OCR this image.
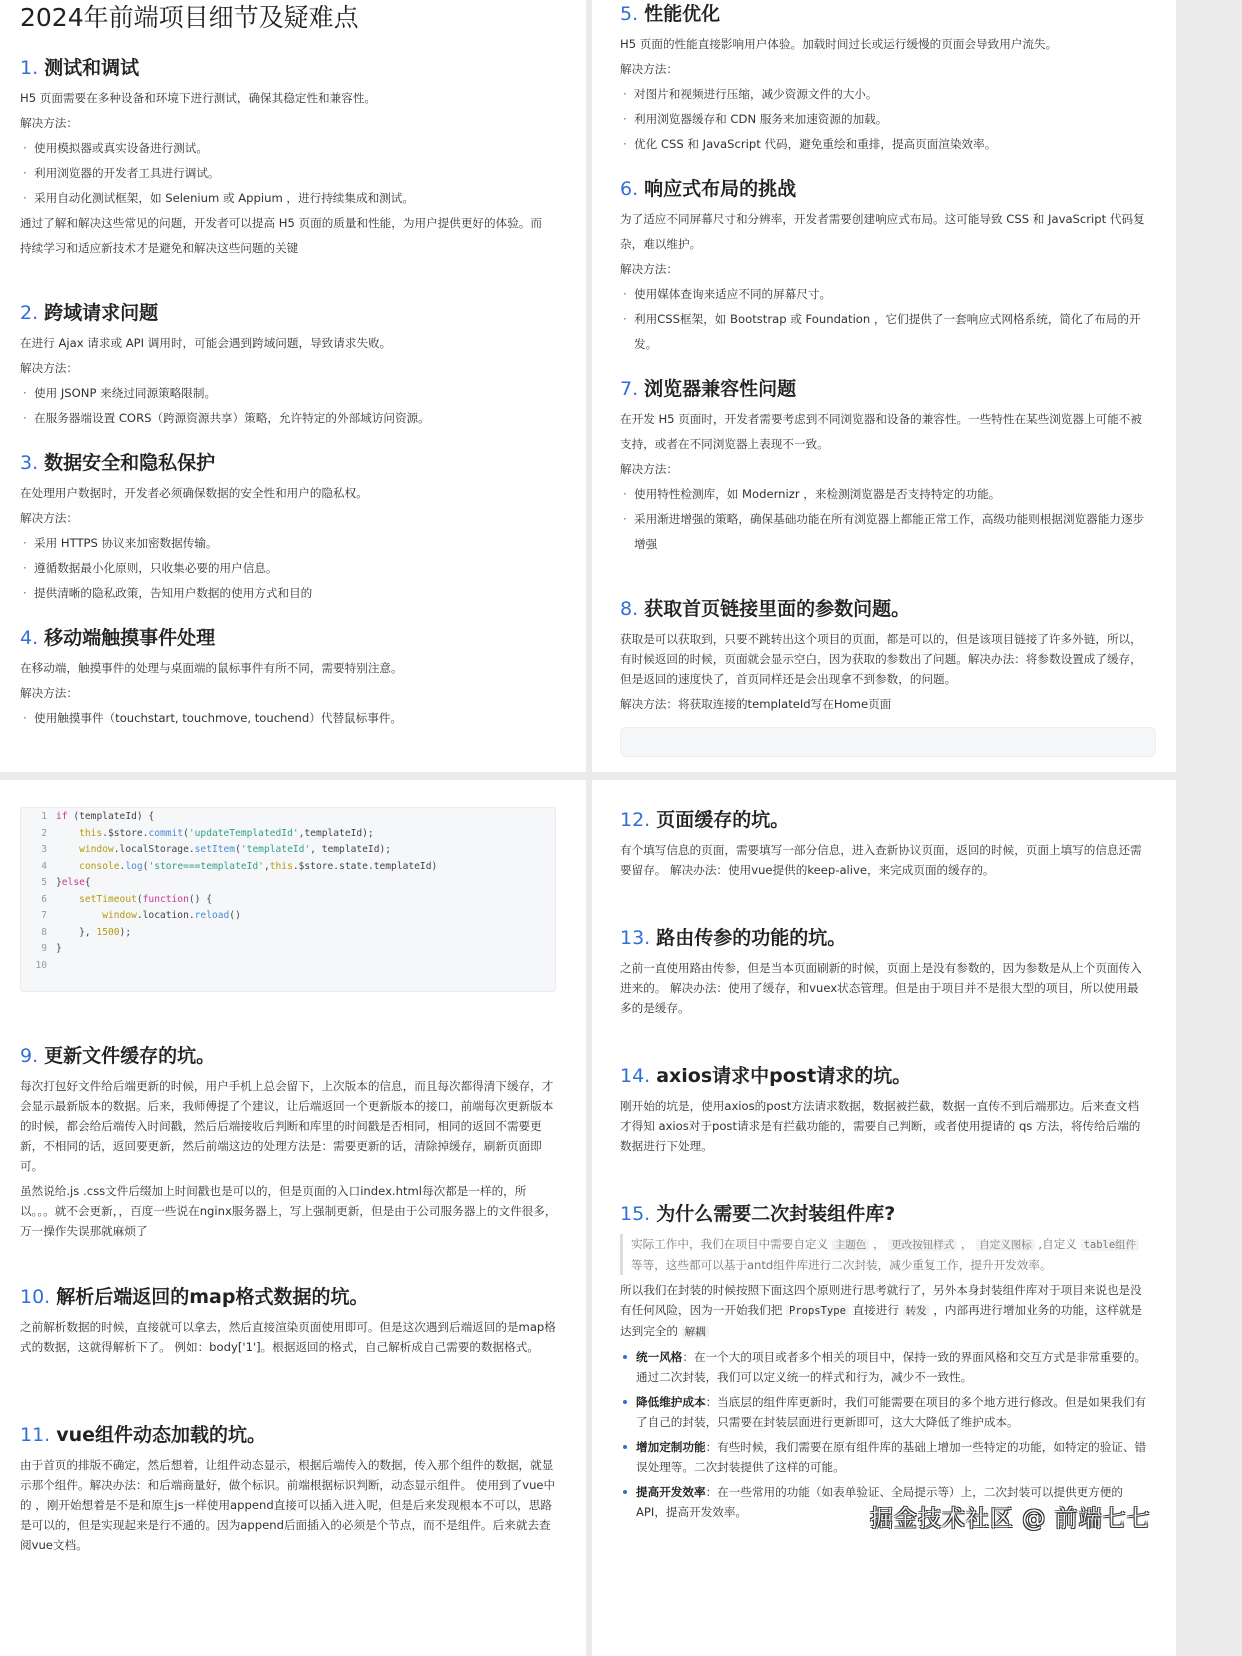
2024年前端项目细节及疑难点
1. 测试和调试

H5 页面需要在多种设备和环境下进行测试，确保其稳定性和兼容性。

解决方法：

· 使用模拟器或真实设备进行测试。

· 利用浏览器的开发者工具进行调试。

· 采用自动化测试框架，如 Selenium 或 Appium ，进行持续集成和测试。

通过了解和解决这些常见的问题，开发者可以提高 H5 页面的质量和性能，为用户提供更好的体验。而

持续学习和适应新技术才是避免和解决这些问题的关键

2. 跨域请求问题

在进行 Ajax 请求或 API 调用时，可能会遇到跨域问题，导致请求失败。

解决方法：

· 使用 JSONP 来绕过同源策略限制。

· 在服务器端设置 CORS（跨源资源共享）策略，允许特定的外部域访问资源。

3. 数据安全和隐私保护

在处理用户数据时，开发者必须确保数据的安全性和用户的隐私权。

解决方法：

· 采用 HTTPS 协议来加密数据传输。

· 遵循数据最小化原则，只收集必要的用户信息。

· 提供清晰的隐私政策，告知用户数据的使用方式和目的

4. 移动端触摸事件处理

在移动端，触摸事件的处理与桌面端的鼠标事件有所不同，需要特别注意。

解决方法：

· 使用触摸事件（touchstart, touchmove, touchend）代替鼠标事件。

5. 性能优化

H5 页面的性能直接影响用户体验。加载时间过长或运行缓慢的页面会导致用户流失。

解决方法：

· 对图片和视频进行压缩，减少资源文件的大小。

· 利用浏览器缓存和 CDN 服务来加速资源的加载。

· 优化 CSS 和 JavaScript 代码，避免重绘和重排，提高页面渲染效率。

6. 响应式布局的挑战

为了适应不同屏幕尺寸和分辨率，开发者需要创建响应式布局。这可能导致 CSS 和 JavaScript 代码复杂，难以维护。

解决方法：

· 使用媒体查询来适应不同的屏幕尺寸。

· 利用CSS框架，如 Bootstrap 或 Foundation ，它们提供了一套响应式网格系统，简化了布局的开发。

7. 浏览器兼容性问题

在开发 H5 页面时，开发者需要考虑到不同浏览器和设备的兼容性。一些特性在某些浏览器上可能不被

支持，或者在不同浏览器上表现不一致。

解决方法：

· 使用特性检测库，如 Modernizr ，来检测浏览器是否支持特定的功能。

· 采用渐进增强的策略，确保基础功能在所有浏览器上都能正常工作，高级功能则根据浏览器能力逐步增强

8. 获取首页链接里面的参数问题。

获取是可以获取到，只要不跳转出这个项目的页面，都是可以的，但是该项目链接了许多外链，所以，有时候返回的时候，页面就会显示空白，因为获取的参数出了问题。解决办法：将参数设置成了缓存，但是返回的速度快了，首页同样还是会出现拿不到参数，的问题。

解决方法：将获取连接的templateId写在Home页面

1 if (templateId) {
2	this.$store.commit('updateTemplatedId',templateId);
3	window.localStorage.setItem('templateId', templateId);
4	console.log('store===templateId',this.$store.state.templateId)
5 }else{
6	setTimeout(function() {
7	window.location.reload()
8 }, 1500);
9 }
10
9. 更新文件缓存的坑。

每次打包好文件给后端更新的时候，用户手机上总会留下，上次版本的信息，而且每次都得清下缓存，才会显示最新版本的数据。后来，我师傅提了个建议，让后端返回一个更新版本的接口，前端每次更新版本的时候，都会给后端传入时间戳，然后后端接收后判断和库里的时间戳是否相同，相同的返回不需要更新，不相同的话，返回要更新，然后前端这边的处理方法是：需要更新的话，清除掉缓存，刷新页面即可。

虽然说给.js .css文件后缀加上时间戳也是可以的，但是页面的入口index.html每次都是一样的，所以。。。就不会更新，，百度一些说在nginx服务器上，写上强制更新，但是由于公司服务器上的文件很多，万一操作失误那就麻烦了

10. 解析后端返回的map格式数据的坑。

之前解析数据的时候，直接就可以拿去，然后直接渲染页面使用即可。但是这次遇到后端返回的是map格式的数据，这就得解析下了。 例如：body['1']。根据返回的格式，自己解析成自己需要的数据格式。

11. vue组件动态加载的坑。

由于首页的排版不确定，然后想着，让组件动态显示，根据后端传入的数据，传入那个组件的数据，就显示那个组件。解决办法：和后端商量好，做个标识。前端根据标识判断，动态显示组件。 使用到了vue中的 ，刚开始想着是不是和原生js一样使用append直接可以插入进入呢，但是后来发现根本不可以，思路是可以的，但是实现起来是行不通的。因为append后面插入的必须是个节点，而不是组件。后来就去查阅vue文档。

12. 页面缓存的坑。

有个填写信息的页面，需要填写一部分信息，进入查新协议页面，返回的时候，页面上填写的信息还需要留存。 解决办法：使用vue提供的keep-alive，来完成页面的缓存的。

13. 路由传参的功能的坑。

之前一直使用路由传参，但是当本页面刷新的时候，页面上是没有参数的，因为参数是从上个页面传入进来的。 解决办法：使用了缓存，和vuex状态管理。但是由于项目并不是很大型的项目，所以使用最多的是缓存。

14. axios请求中post请求的坑。

刚开始的坑是，使用axios的post方法请求数据，数据被拦截，数据一直传不到后端那边。后来查文档才得知 axios对于post请求是有拦截功能的，需要自己判断，或者使用提请的 qs 方法，将传给后端的数据进行下处理。

15. 为什么需要二次封装组件库?
实际工作中，我们在项目中需要自定义 主题色 ， 更改按钮样式 ， 自定义图标 ,自定义 table组件 等等，这些都可以基于antd组件库进行二次封装，减少重复工作，提升开发效率。

所以我们在封装的时候按照下面这四个原则进行思考就行了，另外本身封装组件库对于项目来说也是没有任何风险，因为一开始我们把 PropsType 直接进行 转发 ，内部再进行增加业务的功能，这样就是达到完全的 解耦

统一风格：在一个大的项目或者多个相关的项目中，保持一致的界面风格和交互方式是非常重要的。通过二次封装，我们可以定义统一的样式和行为，减少不一致性。
降低维护成本：当底层的组件库更新时，我们可能需要在项目的多个地方进行修改。但是如果我们有了自己的封装，只需要在封装层面进行更新即可，这大大降低了维护成本。
增加定制功能：有些时候，我们需要在原有组件库的基础上增加一些特定的功能，如特定的验证、错误处理等。二次封装提供了这样的可能。
提高开发效率：在一些常用的功能（如表单验证、全局提示等）上，二次封装可以提供更方便的API，提高开发效率。	掘金技术社区 @ 前端七七
